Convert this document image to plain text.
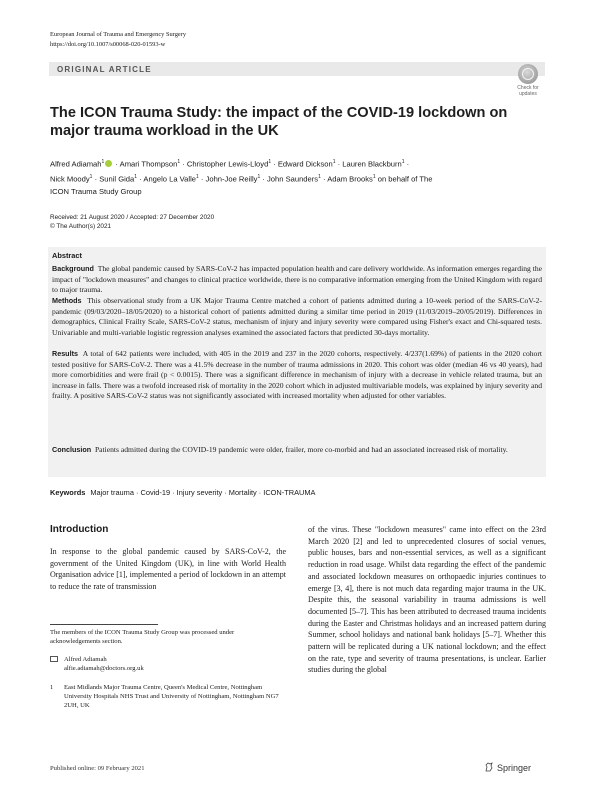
European Journal of Trauma and Emergency Surgery
https://doi.org/10.1007/s00068-020-01593-w
ORIGINAL ARTICLE
Check for
updates
The ICON Trauma Study: the impact of the COVID‑19 lockdown on major trauma workload in the UK
Alfred Adiamah$^1$ · Amari Thompson$^1$ · Christopher Lewis-Lloyd$^1$ · Edward Dickson$^1$ · Lauren Blackburn$^1$ ·
Nick Moody$^1$ · Sunil Gida$^1$ · Angelo La Valle$^1$ · John-Joe Reilly$^1$ · John Saunders$^1$ · Adam Brooks$^1$ on behalf of The
ICON Trauma Study Group
Received: 21 August 2020 / Accepted: 27 December 2020
© The Author(s) 2021
Abstract
Background The global pandemic caused by SARS-CoV-2 has impacted population health and care delivery worldwide. As information emerges regarding the impact of "lockdown measures" and changes to clinical practice worldwide, there is no comparative information emerging from the United Kingdom with regard to major trauma.
Methods This observational study from a UK Major Trauma Centre matched a cohort of patients admitted during a 10-week period of the SARS-CoV-2-pandemic (09/03/2020–18/05/2020) to a historical cohort of patients admitted during a similar time period in 2019 (11/03/2019–20/05/2019). Differences in demographics, Clinical Frailty Scale, SARS-CoV-2 status, mechanism of injury and injury severity were compared using Fisher's exact and Chi-squared tests. Univariable and multi-variable logistic regression analyses examined the associated factors that predicted 30-days mortality.
Results A total of 642 patients were included, with 405 in the 2019 and 237 in the 2020 cohorts, respectively. 4/237(1.69%) of patients in the 2020 cohort tested positive for SARS-CoV-2. There was a 41.5% decrease in the number of trauma admissions in 2020. This cohort was older (median 46 vs 40 years), had more comorbidities and were frail (p < 0.0015). There was a significant difference in mechanism of injury with a decrease in vehicle related trauma, but an increase in falls. There was a twofold increased risk of mortality in the 2020 cohort which in adjusted multivariable models, was explained by injury severity and frailty. A positive SARS-CoV-2 status was not significantly associated with increased mortality when adjusted for other variables.
Conclusion Patients admitted during the COVID-19 pandemic were older, frailer, more co-morbid and had an associated increased risk of mortality.
Keywords Major trauma · Covid-19 · Injury severity · Mortality · ICON-TRAUMA
Introduction
In response to the global pandemic caused by SARS-CoV-2, the government of the United Kingdom (UK), in line with World Health Organisation advice [1], implemented a period of lockdown in an attempt to reduce the rate of transmission
of the virus. These "lockdown measures" came into effect on the 23rd March 2020 [2] and led to unprecedented closures of social venues, public houses, bars and non-essential services, as well as a significant reduction in road usage. Whilst data regarding the effect of the pandemic and associated lockdown measures on orthopaedic injuries continues to emerge [3, 4], there is not much data regarding major trauma in the UK. Despite this, the seasonal variability in trauma admissions is well documented [5–7]. This has been attributed to decreased trauma incidents during the Easter and Christmas holidays and an increased pattern during Summer, school holidays and national bank holidays [5–7]. Whether this pattern will be replicated during a UK national lockdown; and the effect on the rate, type and severity of trauma presentations, is unclear. Earlier studies during the global
The members of the ICON Trauma Study Group was processed under acknowledgements section.
Alfred Adiamah
alfie.adiamah@doctors.org.uk
1	East Midlands Major Trauma Centre, Queen's Medical Centre, Nottingham University Hospitals NHS Trust and University of Nottingham, Nottingham NG7 2UH, UK
Published online: 09 February 2021	Springer
